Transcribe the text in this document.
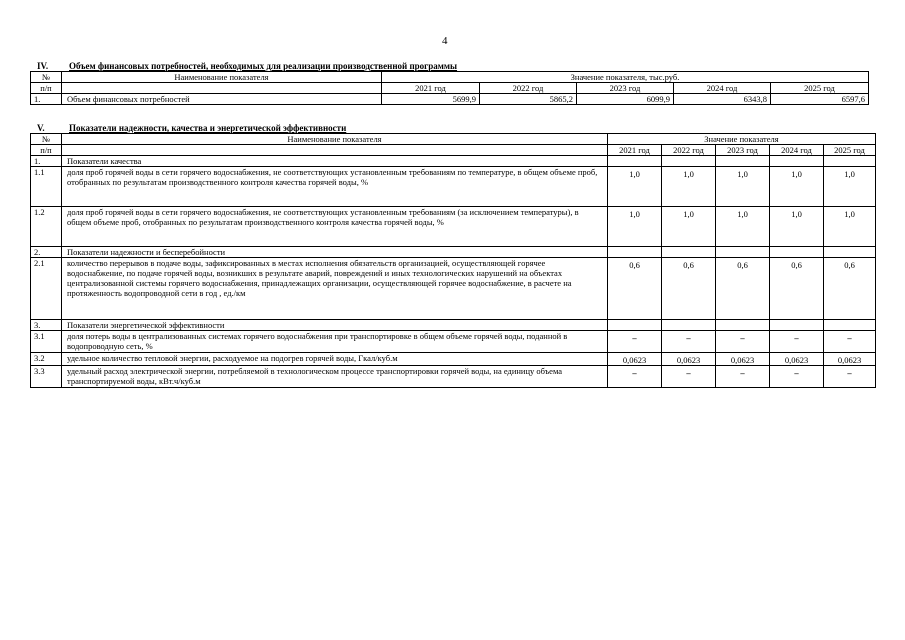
4
IV. Объем финансовых потребностей, необходимых для реализации производственной программы
№	Наименование показателя	Значение показателя, тыс.руб.				
п/п		2021 год	2022 год	2023 год	2024 год	2025 год
1.	Объем финансовых потребностей	5699,9	5865,2	6099,9	6343,8	6597,6
V.	Показатели надежности, качества и энергетической эффективности
№	Наименование показателя	Значение показателя				
п/п		2021 год	2022 год	2023 год	2024 год	2025 год
1.	Показатели качества					
1.1	доля проб горячей воды в сети горячего водоснабжения, не соответствующих установленным требованиям по температуре, в общем объеме проб, отобранных по результатам производственного контроля качества горячей воды, %	1,0	1,0	1,0	1,0	1,0
1.2	доля проб горячей воды в сети горячего водоснабжения, не соответствующих установленным требованиям (за исключением температуры), в общем объеме проб, отобранных по результатам производственного контроля качества горячей воды, %	1,0	1,0	1,0	1,0	1,0
2.	Показатели надежности и бесперебойности					
2.1	количество перерывов в подаче воды, зафиксированных в местах исполнения обязательств организацией, осуществляющей горячее водоснабжение, по подаче горячей воды, возникших в результате аварий, повреждений и иных технологических нарушений на объектах централизованной системы горячего водоснабжения, принадлежащих организации, осуществляющей горячее водоснабжение, в расчете на протяженность водопроводной сети в год , ед./км	0,6	0,6	0,6	0,6	0,6
3.	Показатели энергетической эффективности					
3.1	доля потерь воды в централизованных системах горячего водоснабжения при транспортировке в общем объеме горячей воды, поданной в водопроводную сеть, %	–	–	–	–	–
3.2	удельное количество тепловой энергии, расходуемое на подогрев горячей воды, Гкал/куб.м	0,0623	0,0623	0,0623	0,0623	0,0623
3.3	удельный расход электрической энергии, потребляемой в технологическом процессе транспортировки горячей воды, на единицу объема транспортируемой воды, кВт.ч/куб.м	–	–	–	–	–
